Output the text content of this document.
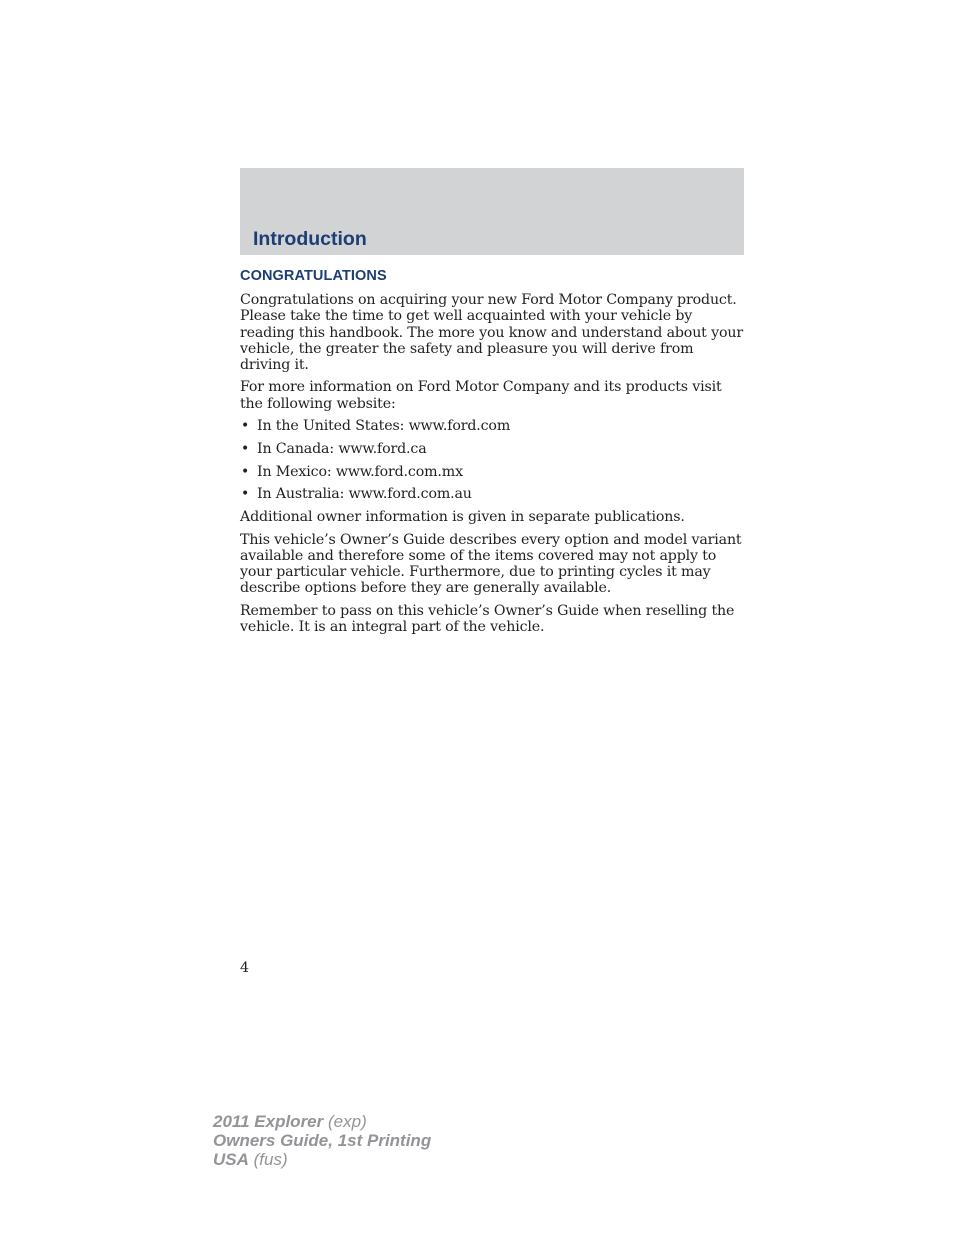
Introduction
CONGRATULATIONS

Congratulations on acquiring your new Ford Motor Company product. Please take the time to get well acquainted with your vehicle by reading this handbook. The more you know and understand about your vehicle, the greater the safety and pleasure you will derive from driving it.

For more information on Ford Motor Company and its products visit the following website:

• In the United States: www.ford.com
• In Canada: www.ford.ca
• In Mexico: www.ford.com.mx
• In Australia: www.ford.com.au

Additional owner information is given in separate publications.

This vehicle’s Owner’s Guide describes every option and model variant available and therefore some of the items covered may not apply to your particular vehicle. Furthermore, due to printing cycles it may describe options before they are generally available.

Remember to pass on this vehicle’s Owner’s Guide when reselling the vehicle. It is an integral part of the vehicle.

4
2011 Explorer (exp)
Owners Guide, 1st Printing
USA (fus)
